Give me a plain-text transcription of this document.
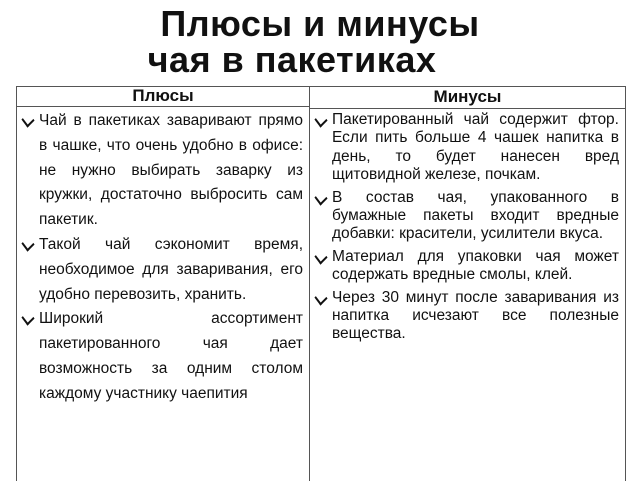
Плюсы и минусы
чая в пакетиках
Плюсы
Чай в пакетиках заваривают прямо в чашке, что очень удобно в офисе: не нужно выбирать заварку из кружки, достаточно выбросить сам пакетик.
Такой чай сэкономит время, необходимое для заваривания, его удобно перевозить, хранить.
Широкий ассортимент пакетированного чая дает возможность за одним столом каждому участнику чаепития
Минусы
Пакетированный чай содержит фтор. Если пить больше 4 чашек напитка в день, то будет нанесен вред щитовидной железе, почкам.
В состав чая, упакованного в бумажные пакеты входит вредные добавки: красители, усилители вкуса.
Материал для упаковки чая может содержать вредные смолы, клей.
Через 30 минут после заваривания из напитка исчезают все полезные вещества.
